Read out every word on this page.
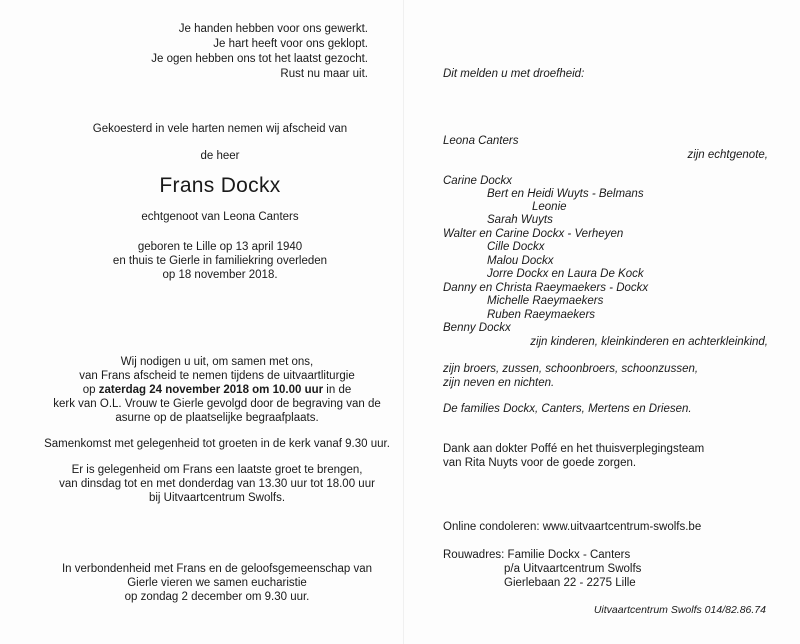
Je handen hebben voor ons gewerkt.
Je hart heeft voor ons geklopt.
Je ogen hebben ons tot het laatst gezocht.
Rust nu maar uit.
Gekoesterd in vele harten nemen wij afscheid van
de heer
Frans Dockx
echtgenoot van Leona Canters
geboren te Lille op 13 april 1940
en thuis te Gierle in familiekring overleden
op 18 november 2018.
Wij nodigen u uit, om samen met ons,
van Frans afscheid te nemen tijdens de uitvaartliturgie
op zaterdag 24 november 2018 om 10.00 uur in de
kerk van O.L. Vrouw te Gierle gevolgd door de begraving van de
asurne op de plaatselijke begraafplaats.
Samenkomst met gelegenheid tot groeten in de kerk vanaf 9.30 uur.
Er is gelegenheid om Frans een laatste groet te brengen,
van dinsdag tot en met donderdag van 13.30 uur tot 18.00 uur
bij Uitvaartcentrum Swolfs.
In verbondenheid met Frans en de geloofsgemeenschap van
Gierle vieren we samen eucharistie
op zondag 2 december om 9.30 uur.
Dit melden u met droefheid:
Leona Canters
zijn echtgenote,
Carine Dockx
Bert en Heidi Wuyts - Belmans
Leonie
Sarah Wuyts
Walter en Carine Dockx - Verheyen
Cille Dockx
Malou Dockx
Jorre Dockx en Laura De Kock
Danny en Christa Raeymaekers - Dockx
Michelle Raeymaekers
Ruben Raeymaekers
Benny Dockx
zijn kinderen, kleinkinderen en achterkleinkind,
zijn broers, zussen, schoonbroers, schoonzussen,
zijn neven en nichten.
De families Dockx, Canters, Mertens en Driesen.
Dank aan dokter Poffé en het thuisverplegingsteam
van Rita Nuyts voor de goede zorgen.
Online condoleren: www.uitvaartcentrum-swolfs.be
Rouwadres: Familie Dockx - Canters
p/a Uitvaartcentrum Swolfs
Gierlebaan 22 - 2275 Lille
Uitvaartcentrum Swolfs 014/82.86.74
